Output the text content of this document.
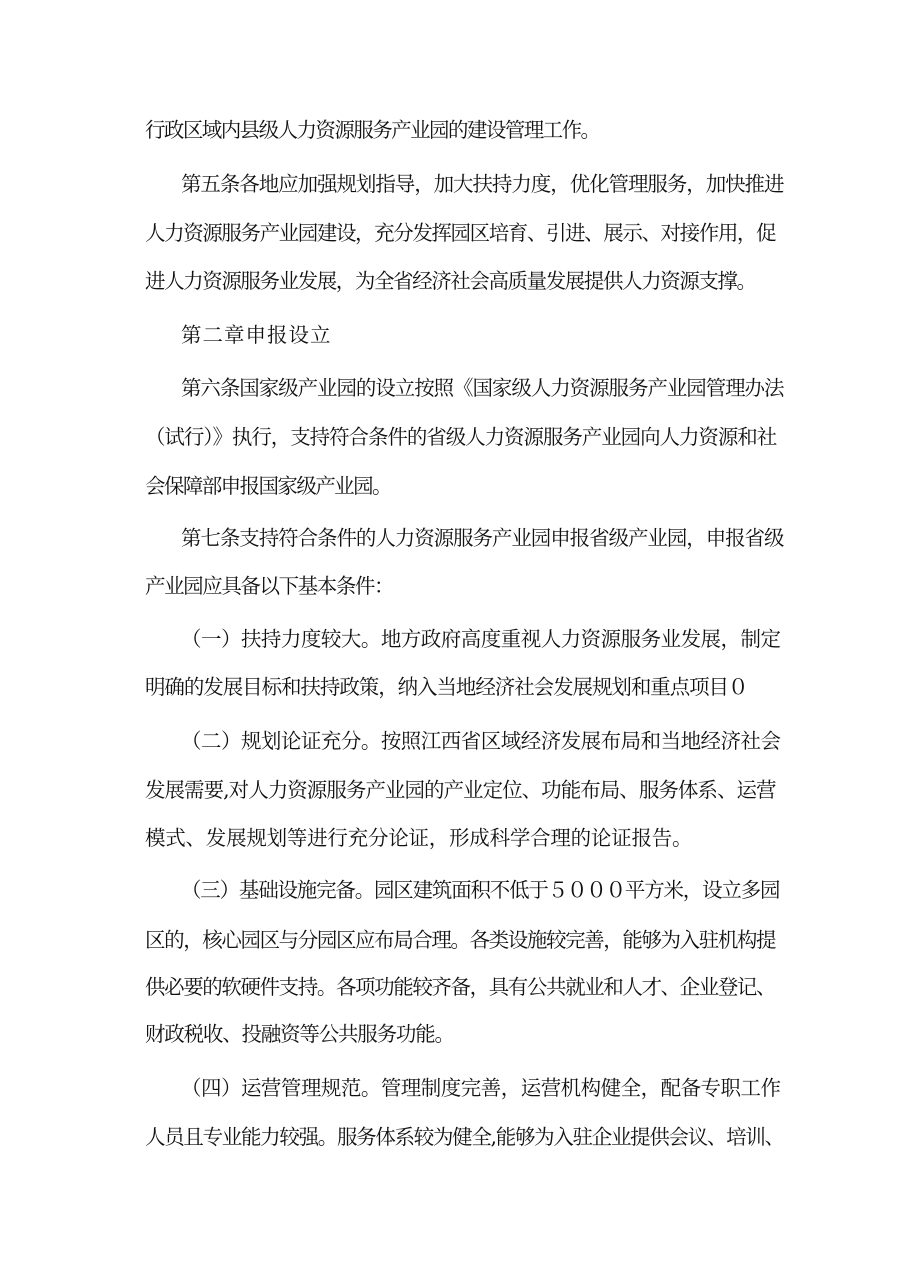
行政区域内县级人力资源服务产业园的建设管理工作。

第五条各地应加强规划指导，加大扶持力度，优化管理服务，加快推进

人力资源服务产业园建设，充分发挥园区培育、引进、展示、对接作用，促

进人力资源服务业发展，为全省经济社会高质量发展提供人力资源支撑。

第二章申报设立

第六条国家级产业园的设立按照《国家级人力资源服务产业园管理办法

（试行）》执行，支持符合条件的省级人力资源服务产业园向人力资源和社

会保障部申报国家级产业园。

第七条支持符合条件的人力资源服务产业园申报省级产业园，申报省级

产业园应具备以下基本条件：

（一）扶持力度较大。地方政府高度重视人力资源服务业发展，制定

明确的发展目标和扶持政策，纳入当地经济社会发展规划和重点项目０

（二）规划论证充分。按照江西省区域经济发展布局和当地经济社会

发展需要,对人力资源服务产业园的产业定位、功能布局、服务体系、运营

模式、发展规划等进行充分论证，形成科学合理的论证报告。

（三）基础设施完备。园区建筑面积不低于５０００平方米，设立多园

区的，核心园区与分园区应布局合理。各类设施较完善，能够为入驻机构提

供必要的软硬件支持。各项功能较齐备，具有公共就业和人才、企业登记、

财政税收、投融资等公共服务功能。

（四）运营管理规范。管理制度完善，运营机构健全，配备专职工作

人员且专业能力较强。服务体系较为健全,能够为入驻企业提供会议、培训、
